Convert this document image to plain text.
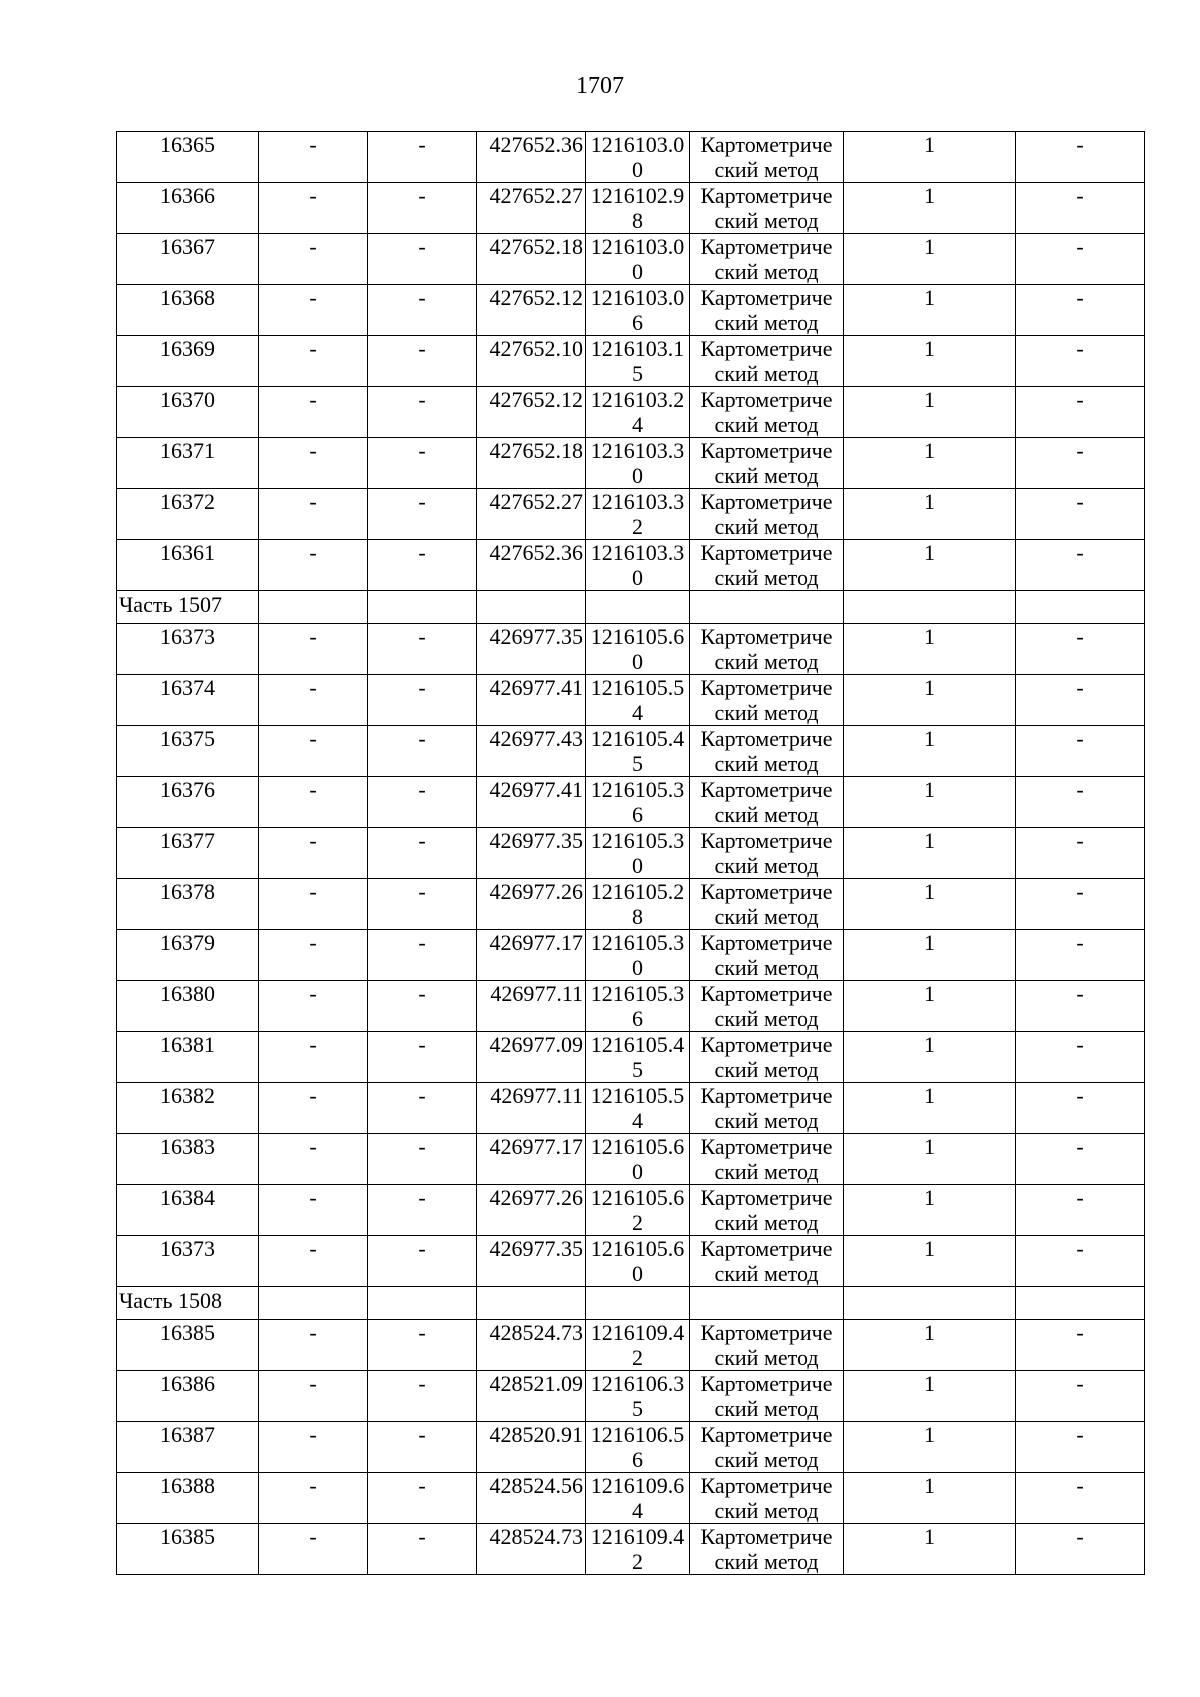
1707
16365	-	-	427652.36	1216103.00	Картометриче
ский метод	1	-
16366	-	-	427652.27	1216102.98	Картометриче
ский метод	1	-
16367	-	-	427652.18	1216103.00	Картометриче
ский метод	1	-
16368	-	-	427652.12	1216103.06	Картометриче
ский метод	1	-
16369	-	-	427652.10	1216103.15	Картометриче
ский метод	1	-
16370	-	-	427652.12	1216103.24	Картометриче
ский метод	1	-
16371	-	-	427652.18	1216103.30	Картометриче
ский метод	1	-
16372	-	-	427652.27	1216103.32	Картометриче
ский метод	1	-
16361	-	-	427652.36	1216103.30	Картометриче
ский метод	1	-
Часть 1507							
16373	-	-	426977.35	1216105.60	Картометриче
ский метод	1	-
16374	-	-	426977.41	1216105.54	Картометриче
ский метод	1	-
16375	-	-	426977.43	1216105.45	Картометриче
ский метод	1	-
16376	-	-	426977.41	1216105.36	Картометриче
ский метод	1	-
16377	-	-	426977.35	1216105.30	Картометриче
ский метод	1	-
16378	-	-	426977.26	1216105.28	Картометриче
ский метод	1	-
16379	-	-	426977.17	1216105.30	Картометриче
ский метод	1	-
16380	-	-	426977.11	1216105.36	Картометриче
ский метод	1	-
16381	-	-	426977.09	1216105.45	Картометриче
ский метод	1	-
16382	-	-	426977.11	1216105.54	Картометриче
ский метод	1	-
16383	-	-	426977.17	1216105.60	Картометриче
ский метод	1	-
16384	-	-	426977.26	1216105.62	Картометриче
ский метод	1	-
16373	-	-	426977.35	1216105.60	Картометриче
ский метод	1	-
Часть 1508							
16385	-	-	428524.73	1216109.42	Картометриче
ский метод	1	-
16386	-	-	428521.09	1216106.35	Картометриче
ский метод	1	-
16387	-	-	428520.91	1216106.56	Картометриче
ский метод	1	-
16388	-	-	428524.56	1216109.64	Картометриче
ский метод	1	-
16385	-	-	428524.73	1216109.42	Картометриче
ский метод	1	-
